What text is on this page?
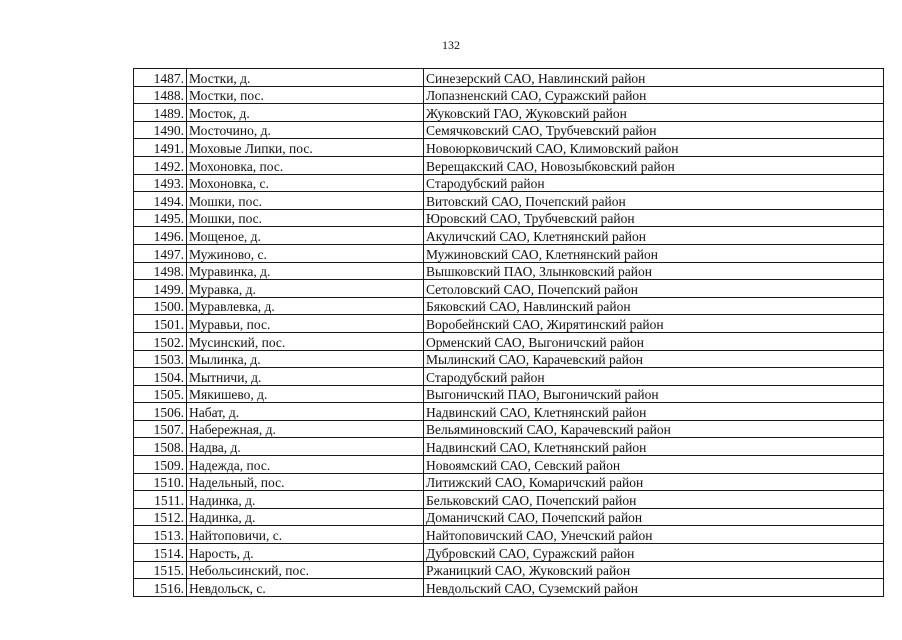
132
1487.	Мостки, д.	Синезерский САО, Навлинский район
1488.	Мостки, пос.	Лопазненский САО, Суражский район
1489.	Мосток, д.	Жуковский ГАО, Жуковский район
1490.	Мосточино, д.	Семячковский САО, Трубчевский район
1491.	Моховые Липки, пос.	Новоюрковичский САО, Климовский район
1492.	Мохоновка, пос.	Верещакский САО, Новозыбковский район
1493.	Мохоновка, с.	Стародубский район
1494.	Мошки, пос.	Витовский САО, Почепский район
1495.	Мошки, пос.	Юровский САО, Трубчевский район
1496.	Мощеное, д.	Акуличский САО, Клетнянский район
1497.	Мужиново, с.	Мужиновский САО, Клетнянский район
1498.	Муравинка, д.	Вышковский ПАО, Злынковский район
1499.	Муравка, д.	Сетоловский САО, Почепский район
1500.	Муравлевка, д.	Бяковский САО, Навлинский район
1501.	Муравьи, пос.	Воробейнский САО, Жирятинский район
1502.	Мусинский, пос.	Орменский САО, Выгоничский район
1503.	Мылинка, д.	Мылинский САО, Карачевский район
1504.	Мытничи, д.	Стародубский район
1505.	Мякишево, д.	Выгоничский ПАО, Выгоничский район
1506.	Набат, д.	Надвинский САО, Клетнянский район
1507.	Набережная, д.	Вельяминовский САО, Карачевский район
1508.	Надва, д.	Надвинский САО, Клетнянский район
1509.	Надежда, пос.	Новоямский САО, Севский район
1510.	Надельный, пос.	Литижский САО, Комаричский район
1511.	Надинка, д.	Бельковский САО, Почепский район
1512.	Надинка, д.	Доманичский САО, Почепский район
1513.	Найтоповичи, с.	Найтоповичский САО, Унечский район
1514.	Нарость, д.	Дубровский САО, Суражский район
1515.	Небольсинский, пос.	Ржаницкий САО, Жуковский район
1516.	Невдольск, с.	Невдольский САО, Суземский район
